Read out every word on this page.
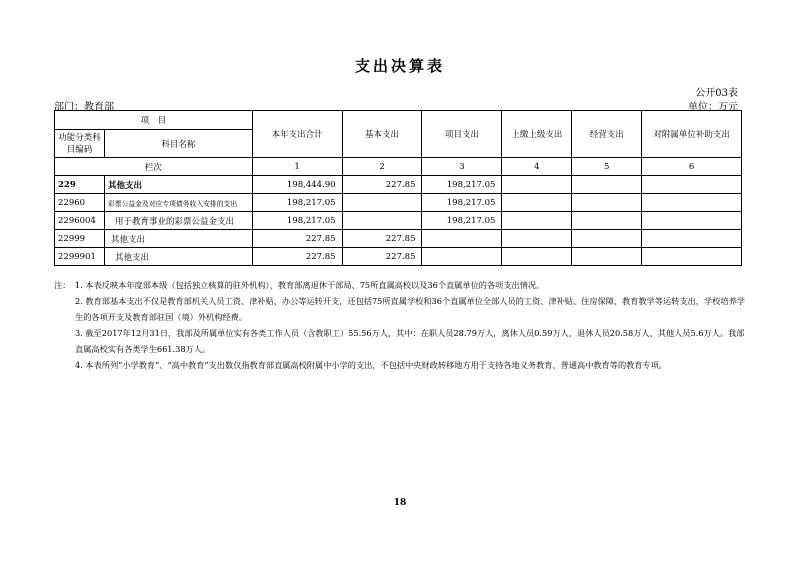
支出决算表
公开03表
部门：教育部	单位：万元
项　目		本年支出合计	基本支出	项目支出	上缴上级支出	经营支出	对附属单位补助支出
功能分类科目编码	科目名称						
栏次		1	2	3	4	5	6
229	其他支出	198,444.90	227.85	198,217.05			
22960	彩票公益金及对应专项债务收入安排的支出	198,217.05		198,217.05			
2296004	用于教育事业的彩票公益金支出	198,217.05		198,217.05			
22999	其他支出	227.85	227.85				
2299901	其他支出	227.85	227.85				
注： 1. 本表反映本年度部本级（包括独立核算的驻外机构）、教育部离退休干部局、75所直属高校以及36个直属单位的各项支出情况。
2. 教育部基本支出不仅是教育部机关人员工资、津补贴、办公等运转开支，还包括75所直属学校和36个直属单位全部人员的工资、津补贴、住房保障、教育教学等运转支出，学校培养学生的各项开支及教育部驻国（境）外机构经费。
3. 截至2017年12月31日，我部及所属单位实有各类工作人员（含教职工）55.56万人，其中：在职人员28.79万人，离休人员0.59万人，退休人员20.58万人，其他人员5.6万人。我部直属高校实有各类学生661.38万人。
4. 本表所列“小学教育”、“高中教育”支出数仅指教育部直属高校附属中小学的支出，不包括中央财政转移地方用于支持各地义务教育、普通高中教育等的教育专项。
18
